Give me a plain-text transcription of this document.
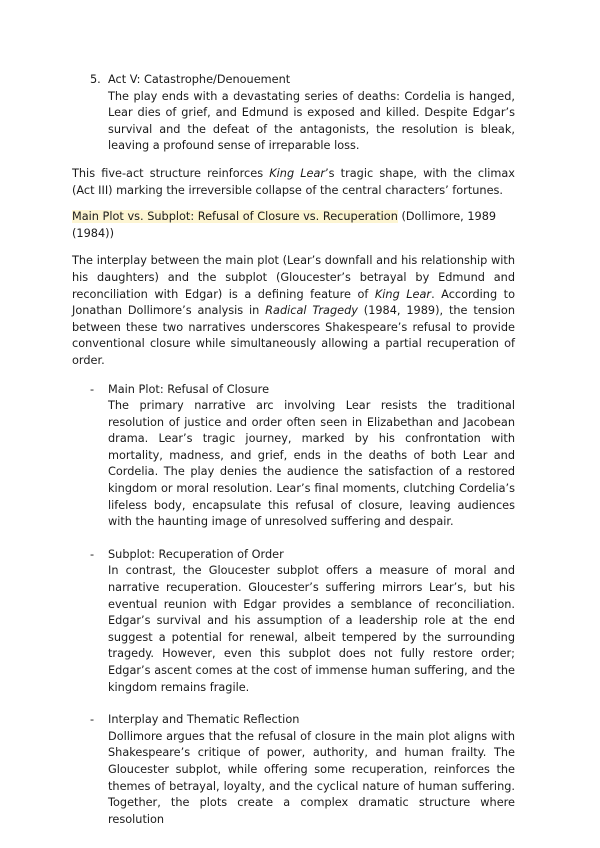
5. Act V: Catastrophe/Denouement

The play ends with a devastating series of deaths: Cordelia is hanged, Lear dies of grief, and Edmund is exposed and killed. Despite Edgar’s survival and the defeat of the antagonists, the resolution is bleak, leaving a profound sense of irreparable loss.

This five-act structure reinforces King Lear’s tragic shape, with the climax (Act III) marking the irreversible collapse of the central characters’ fortunes.

Main Plot vs. Subplot: Refusal of Closure vs. Recuperation (Dollimore, 1989 (1984))

The interplay between the main plot (Lear’s downfall and his relationship with his daughters) and the subplot (Gloucester’s betrayal by Edmund and reconciliation with Edgar) is a defining feature of King Lear. According to Jonathan Dollimore’s analysis in Radical Tragedy (1984, 1989), the tension between these two narratives underscores Shakespeare’s refusal to provide conventional closure while simultaneously allowing a partial recuperation of order.

- Main Plot: Refusal of Closure

The primary narrative arc involving Lear resists the traditional resolution of justice and order often seen in Elizabethan and Jacobean drama. Lear’s tragic journey, marked by his confrontation with mortality, madness, and grief, ends in the deaths of both Lear and Cordelia. The play denies the audience the satisfaction of a restored kingdom or moral resolution. Lear’s final moments, clutching Cordelia’s lifeless body, encapsulate this refusal of closure, leaving audiences with the haunting image of unresolved suffering and despair.

- Subplot: Recuperation of Order

In contrast, the Gloucester subplot offers a measure of moral and narrative recuperation. Gloucester’s suffering mirrors Lear’s, but his eventual reunion with Edgar provides a semblance of reconciliation. Edgar’s survival and his assumption of a leadership role at the end suggest a potential for renewal, albeit tempered by the surrounding tragedy. However, even this subplot does not fully restore order; Edgar’s ascent comes at the cost of immense human suffering, and the kingdom remains fragile.

- Interplay and Thematic Reflection

Dollimore argues that the refusal of closure in the main plot aligns with Shakespeare’s critique of power, authority, and human frailty. The Gloucester subplot, while offering some recuperation, reinforces the themes of betrayal, loyalty, and the cyclical nature of human suffering. Together, the plots create a complex dramatic structure where resolution
